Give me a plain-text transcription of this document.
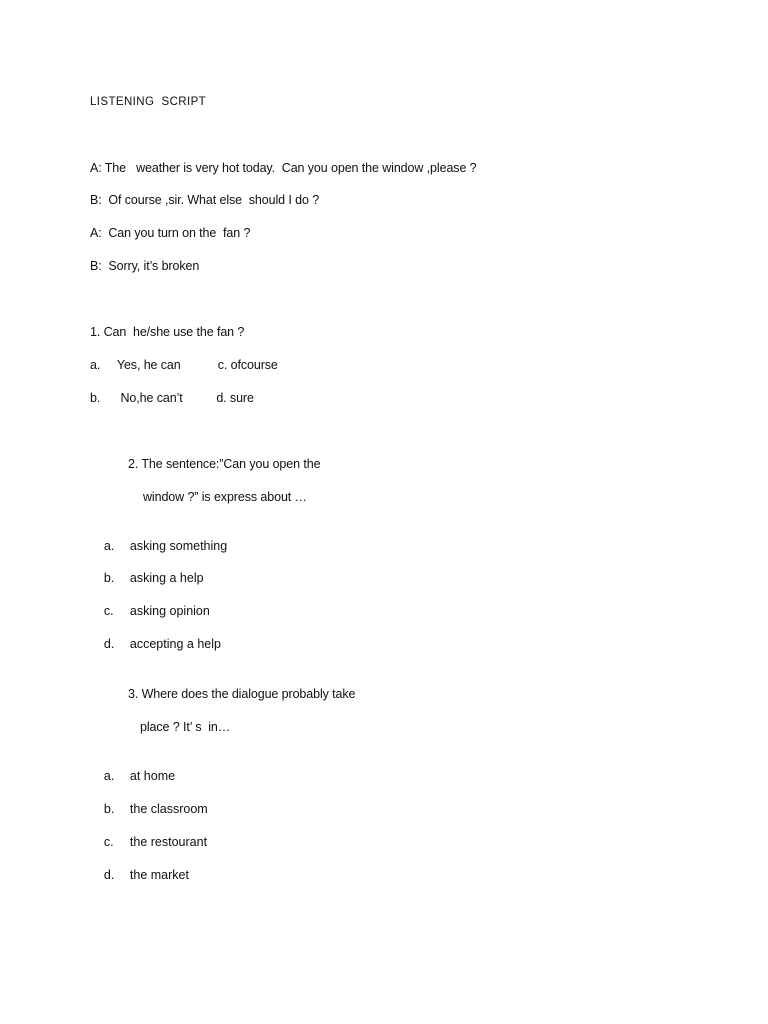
LISTENING  SCRIPT
A: The   weather is very hot today.  Can you open the window ,please ?
B:  Of course ,sir. What else  should I do ?
A:  Can you turn on the  fan ?
B:  Sorry, it’s broken
1. Can  he/she use the fan ?
a.     Yes, he can           c. ofcourse
b.      No,he can’t          d. sure
2. The sentence:”Can you open the
window ?” is express about …

a. asking something

b. asking a help

c. asking opinion

d. accepting a help

3. Where does the dialogue probably take
place ? It’ s  in…

a. at home

b. the classroom

c. the restourant

d. the market
